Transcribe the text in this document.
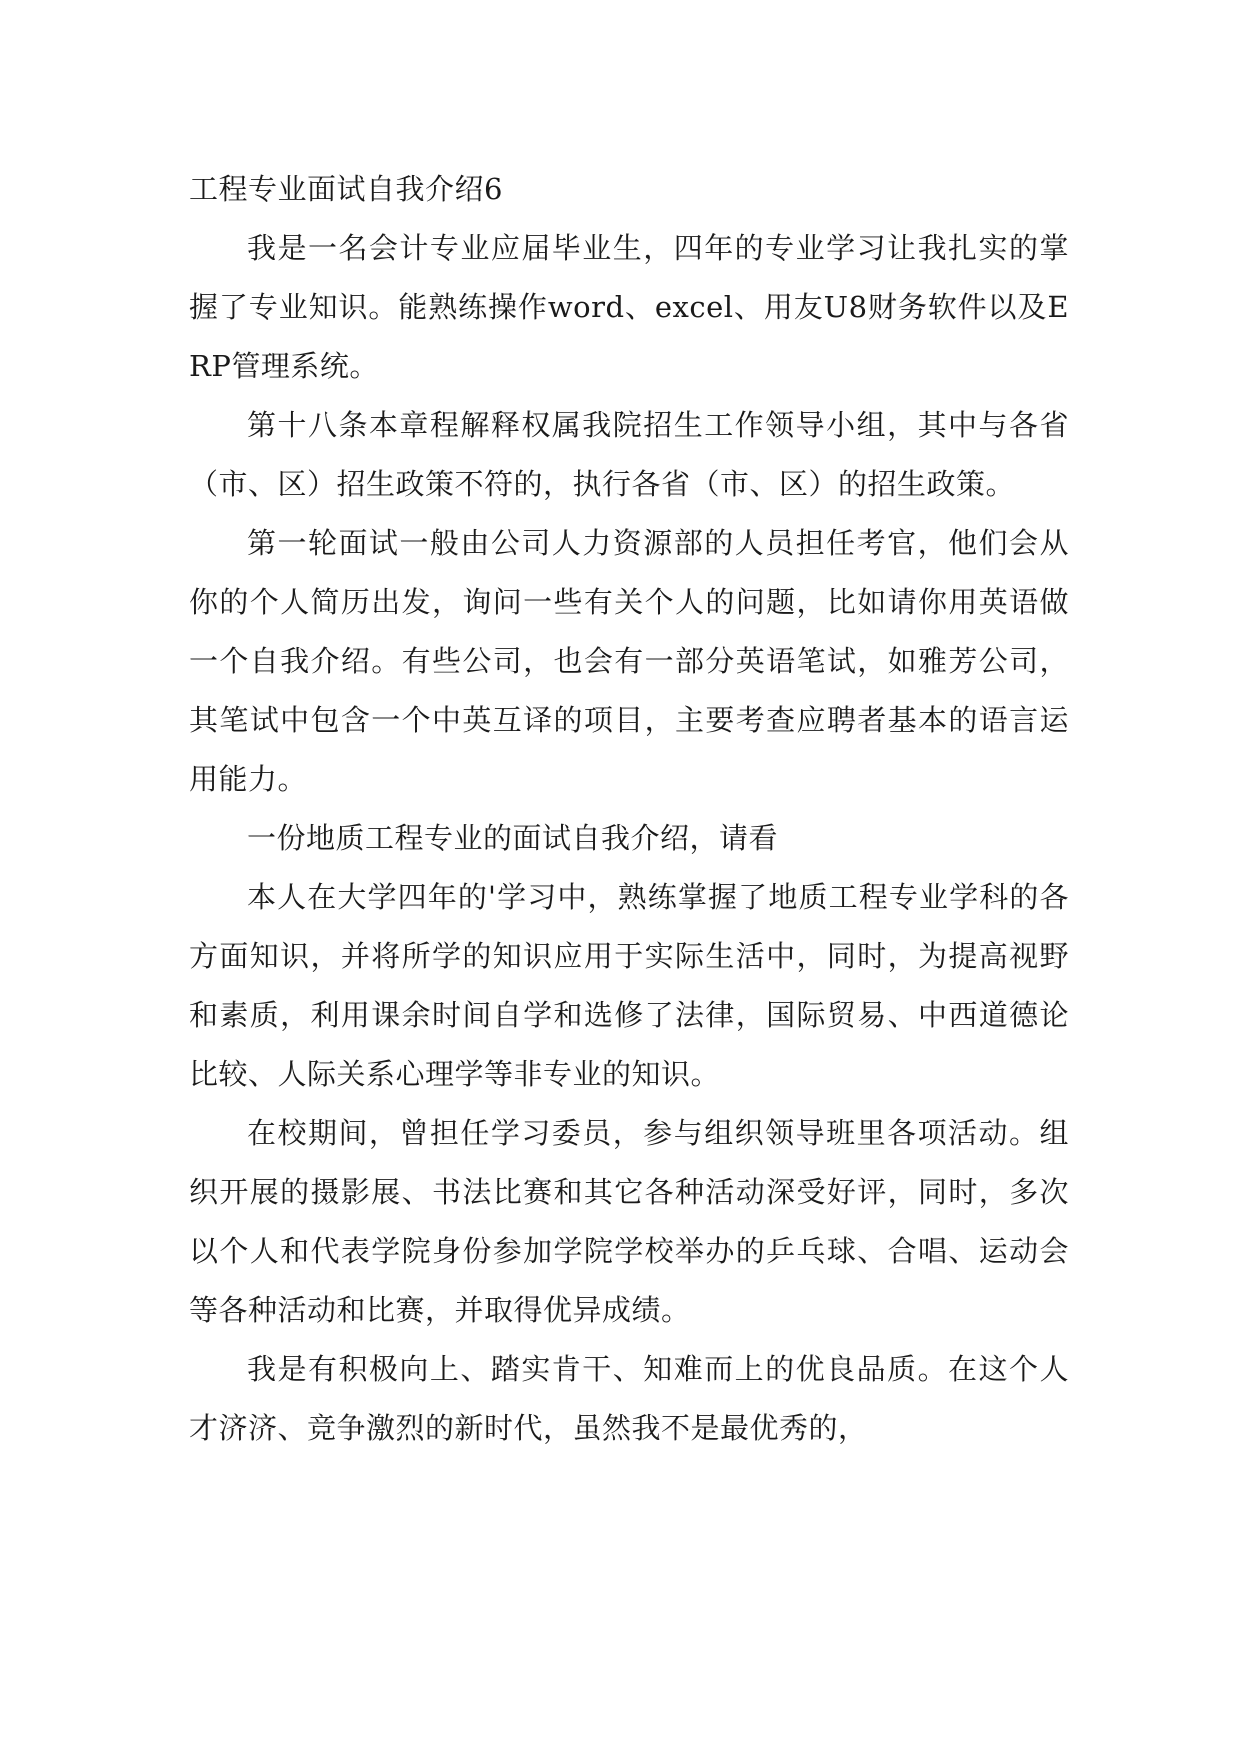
工程专业面试自我介绍6

我是一名会计专业应届毕业生，四年的专业学习让我扎实的掌握了专业知识。能熟练操作word、excel、用友U8财务软件以及ERP管理系统。

第十八条本章程解释权属我院招生工作领导小组，其中与各省（市、区）招生政策不符的，执行各省（市、区）的招生政策。

第一轮面试一般由公司人力资源部的人员担任考官，他们会从你的个人简历出发，询问一些有关个人的问题，比如请你用英语做一个自我介绍。有些公司，也会有一部分英语笔试，如雅芳公司，其笔试中包含一个中英互译的项目，主要考查应聘者基本的语言运用能力。

一份地质工程专业的面试自我介绍，请看

本人在大学四年的'学习中，熟练掌握了地质工程专业学科的各方面知识，并将所学的知识应用于实际生活中，同时，为提高视野和素质，利用课余时间自学和选修了法律，国际贸易、中西道德论比较、人际关系心理学等非专业的知识。

在校期间，曾担任学习委员，参与组织领导班里各项活动。组织开展的摄影展、书法比赛和其它各种活动深受好评，同时，多次以个人和代表学院身份参加学院学校举办的乒乓球、合唱、运动会等各种活动和比赛，并取得优异成绩。

我是有积极向上、踏实肯干、知难而上的优良品质。在这个人才济济、竞争激烈的新时代，虽然我不是最优秀的，
